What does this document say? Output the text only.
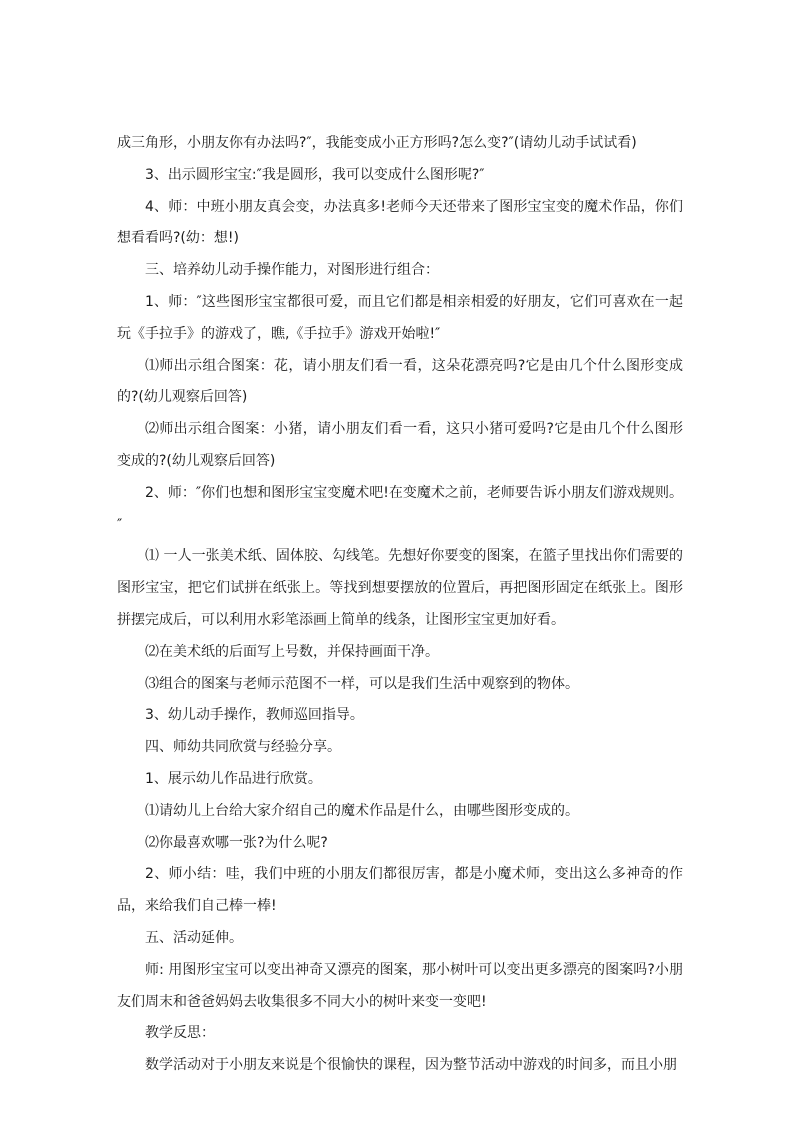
成三角形，小朋友你有办法吗?″，我能变成小正方形吗?怎么变?″(请幼儿动手试试看)

3、出示圆形宝宝:″我是圆形，我可以变成什么图形呢?″

4、师：中班小朋友真会变，办法真多!老师今天还带来了图形宝宝变的魔术作品，你们想看看吗?(幼：想!)

三、培养幼儿动手操作能力，对图形进行组合：

1、师：″这些图形宝宝都很可爱，而且它们都是相亲相爱的好朋友，它们可喜欢在一起玩《手拉手》的游戏了，瞧,《手拉手》游戏开始啦!″

⑴师出示组合图案：花，请小朋友们看一看，这朵花漂亮吗?它是由几个什么图形变成的?(幼儿观察后回答)

⑵师出示组合图案：小猪，请小朋友们看一看，这只小猪可爱吗?它是由几个什么图形变成的?(幼儿观察后回答)

2、师：″你们也想和图形宝宝变魔术吧!在变魔术之前，老师要告诉小朋友们游戏规则。″

⑴ 一人一张美术纸、固体胶、勾线笔。先想好你要变的图案，在篮子里找出你们需要的图形宝宝，把它们试拼在纸张上。等找到想要摆放的位置后，再把图形固定在纸张上。图形拼摆完成后，可以利用水彩笔添画上简单的线条，让图形宝宝更加好看。

⑵在美术纸的后面写上号数，并保持画面干净。

⑶组合的图案与老师示范图不一样，可以是我们生活中观察到的物体。

3、幼儿动手操作，教师巡回指导。

四、师幼共同欣赏与经验分享。

1、展示幼儿作品进行欣赏。

⑴请幼儿上台给大家介绍自己的魔术作品是什么，由哪些图形变成的。

⑵你最喜欢哪一张?为什么呢?

2、师小结：哇，我们中班的小朋友们都很厉害，都是小魔术师，变出这么多神奇的作品，来给我们自己棒一棒!

五、活动延伸。

师: 用图形宝宝可以变出神奇又漂亮的图案，那小树叶可以变出更多漂亮的图案吗?小朋友们周末和爸爸妈妈去收集很多不同大小的树叶来变一变吧!

教学反思：

数学活动对于小朋友来说是个很愉快的课程，因为整节活动中游戏的时间多，而且小朋
